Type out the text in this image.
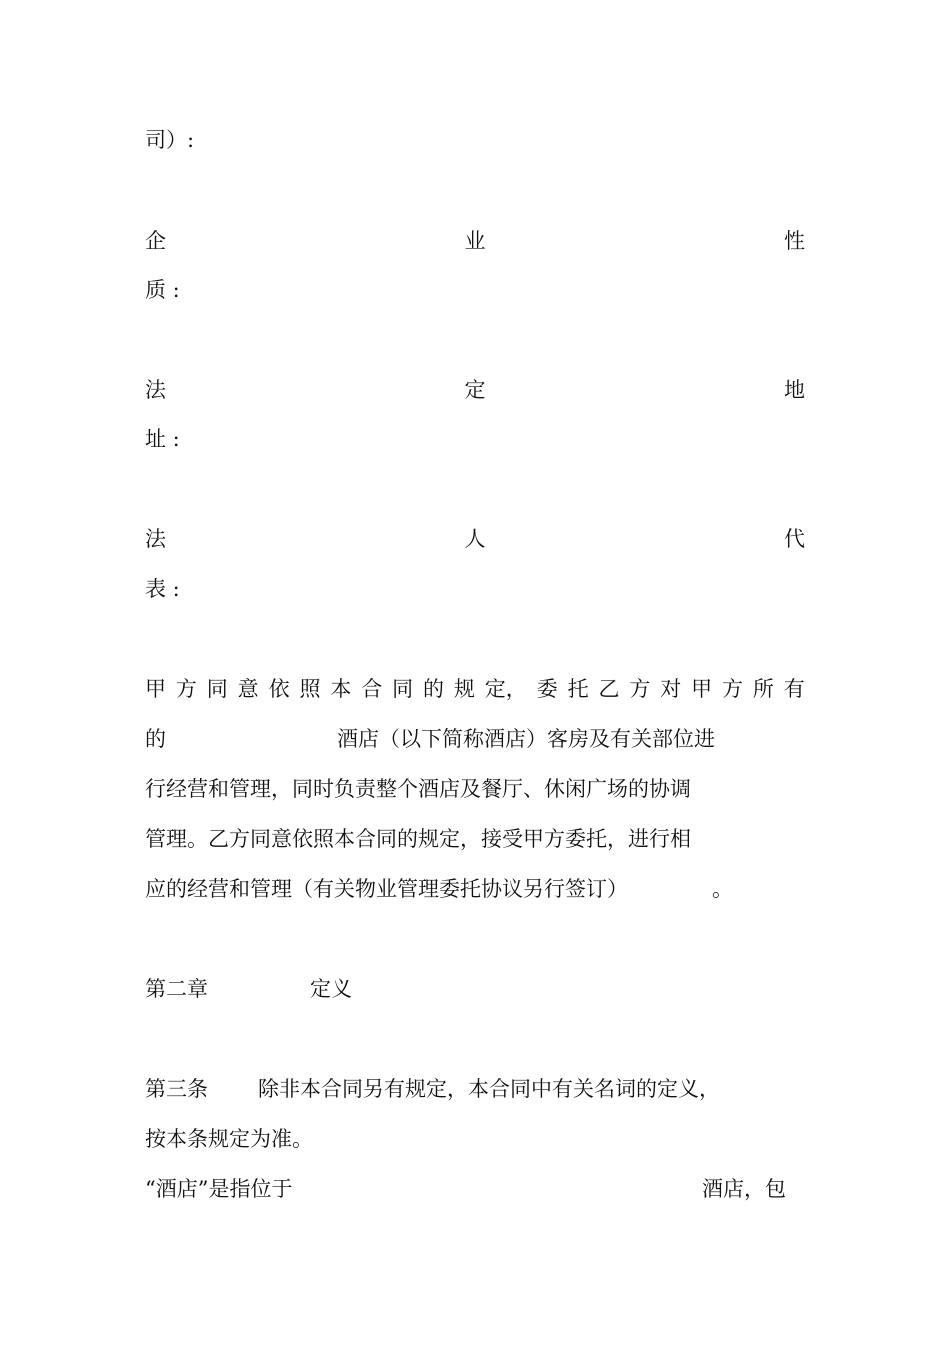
司）:
企	业	性
质 :
法	定	地
址 :
法	人	代
表 :
甲 方 同 意 依 照 本 合 同 的 规 定， 委 托 乙 方 对 甲 方 所 有
的	酒店（以下简称酒店）客房及有关部位进
行经营和管理，同时负责整个酒店及餐厅、休闲广场的协调
管理。乙方同意依照本合同的规定，接受甲方委托，进行相
应的经营和管理（有关物业管理委托协议另行签订）	。
第二章	定义
第三条 除非本合同另有规定，本合同中有关名词的定义，
按本条规定为准。
“酒店”是指位于	酒店，包
